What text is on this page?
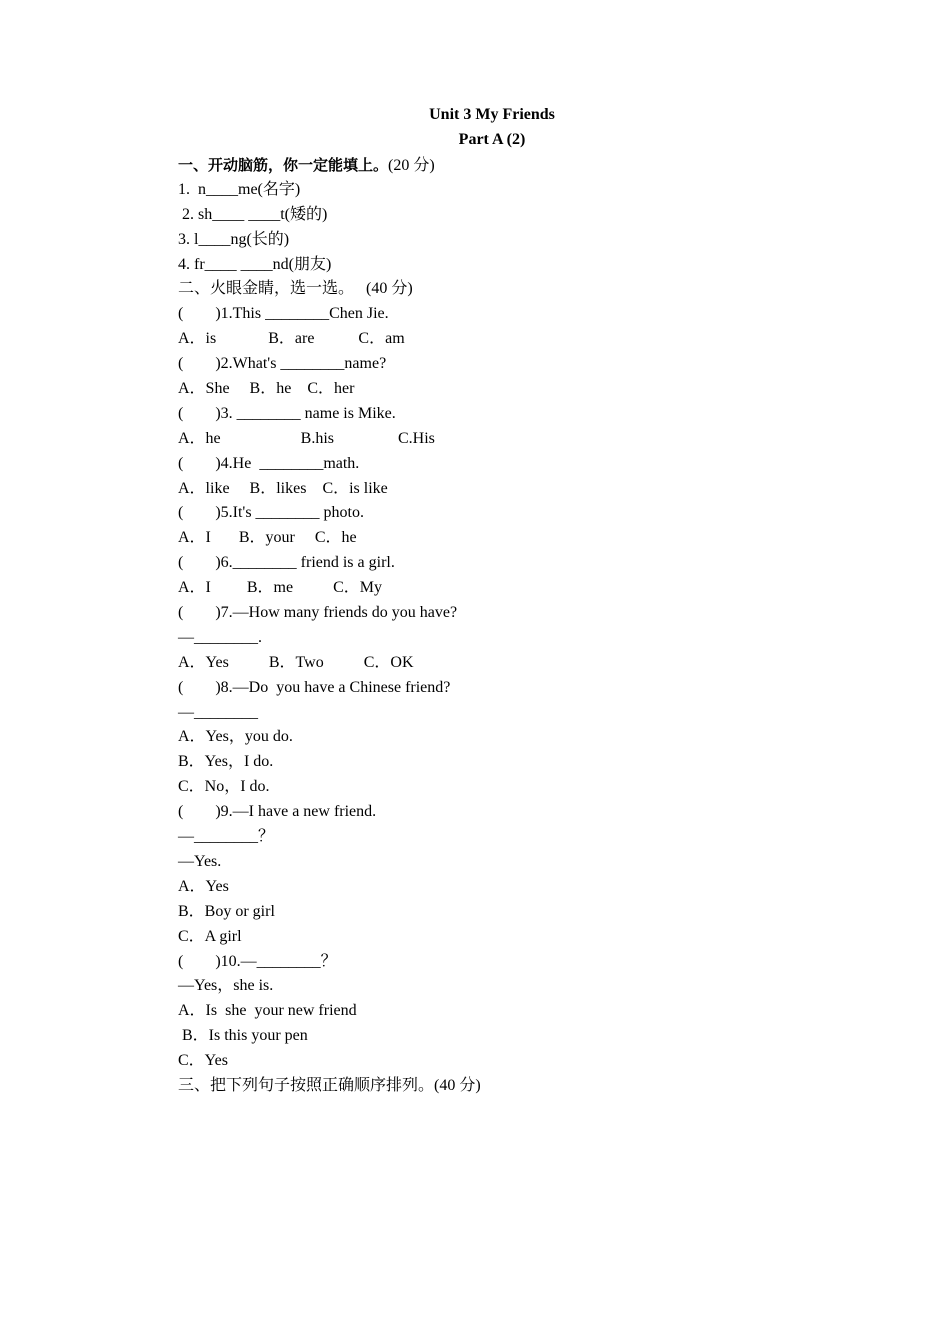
Unit 3 My Friends
Part A (2)
一、开动脑筋，你一定能填上。(20 分)
1.  n____me(名字)
2. sh____ ____t(矮的)
3. l____ng(长的)
4. fr____ ____nd(朋友)
二、火眼金睛，选一选。   (40 分)
(        )1.This ________Chen Jie.
A．is             B．are           C．am
(        )2.What's ________name?
A．She     B．he    C．her
(        )3. ________ name is Mike.
A．he                    B.his                C.His
(        )4.He  ________math.
A．like     B．likes    C．is like
(        )5.It's ________ photo.
A．I       B．your     C．he
(        )6.________ friend is a girl.
A．I         B．me          C．My
(        )7.—How many friends do you have?
—________.
A．Yes          B．Two          C．OK
(        )8.—Do  you have a Chinese friend?
—________
A．Yes，you do.
B．Yes，I do.
C．No，I do.
(        )9.—I have a new friend.
—________？
—Yes.
A．Yes
B．Boy or girl
C．A girl
(        )10.—________？
—Yes，she is.
A．Is  she  your new friend
B．Is this your pen
C．Yes
三、把下列句子按照正确顺序排列。(40 分)
